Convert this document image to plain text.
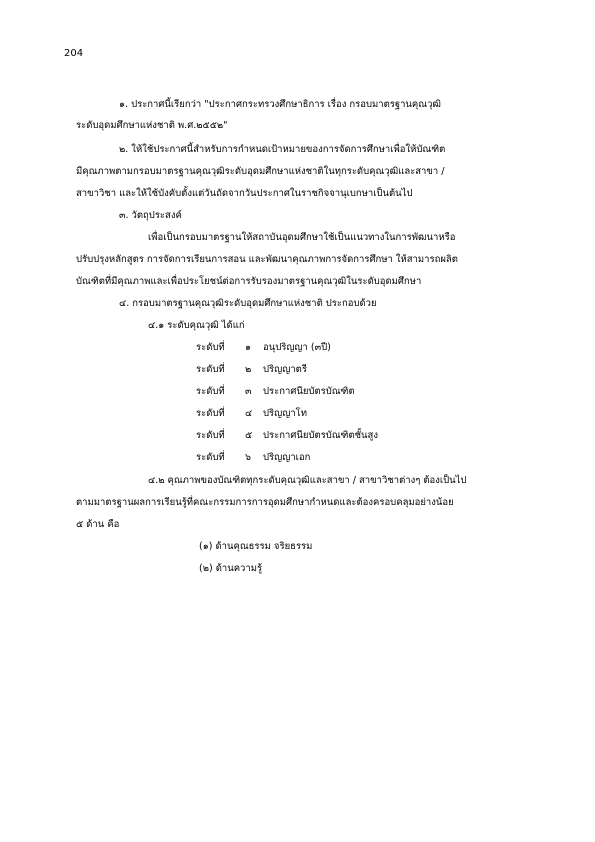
204
๑. ประกาศนี้เรียกว่า "ประกาศกระทรวงศึกษาธิการ เรื่อง กรอบมาตรฐานคุณวุฒิ
ระดับอุดมศึกษาแห่งชาติ พ.ศ.๒๕๕๒"
๒. ให้ใช้ประกาศนี้สำหรับการกำหนดเป้าหมายของการจัดการศึกษาเพื่อให้บัณฑิต
มีคุณภาพตามกรอบมาตรฐานคุณวุฒิระดับอุดมศึกษาแห่งชาติในทุกระดับคุณวุฒิและสาขา /
สาขาวิชา และให้ใช้บังคับตั้งแต่วันถัดจากวันประกาศในราชกิจจานุเบกษาเป็นต้นไป
๓. วัตถุประสงค์
เพื่อเป็นกรอบมาตรฐานให้สถาบันอุดมศึกษาใช้เป็นแนวทางในการพัฒนาหรือ
ปรับปรุงหลักสูตร การจัดการเรียนการสอน และพัฒนาคุณภาพการจัดการศึกษา ให้สามารถผลิต
บัณฑิตที่มีคุณภาพและเพื่อประโยชน์ต่อการรับรองมาตรฐานคุณวุฒิในระดับอุดมศึกษา
๔. กรอบมาตรฐานคุณวุฒิระดับอุดมศึกษาแห่งชาติ ประกอบด้วย
๔.๑ ระดับคุณวุฒิ ได้แก่
ระดับที่ ๑ อนุปริญญา (๓ปี)
ระดับที่ ๒ ปริญญาตรี
ระดับที่ ๓ ประกาศนียบัตรบัณฑิต
ระดับที่ ๔ ปริญญาโท
ระดับที่ ๕ ประกาศนียบัตรบัณฑิตชั้นสูง
ระดับที่ ๖ ปริญญาเอก
๔.๒ คุณภาพของบัณฑิตทุกระดับคุณวุฒิและสาขา / สาขาวิชาต่างๆ ต้องเป็นไป
ตามมาตรฐานผลการเรียนรู้ที่คณะกรรมการการอุดมศึกษากำหนดและต้องครอบคลุมอย่างน้อย
๕ ด้าน คือ
(๑) ด้านคุณธรรม จริยธรรม
(๒) ด้านความรู้
